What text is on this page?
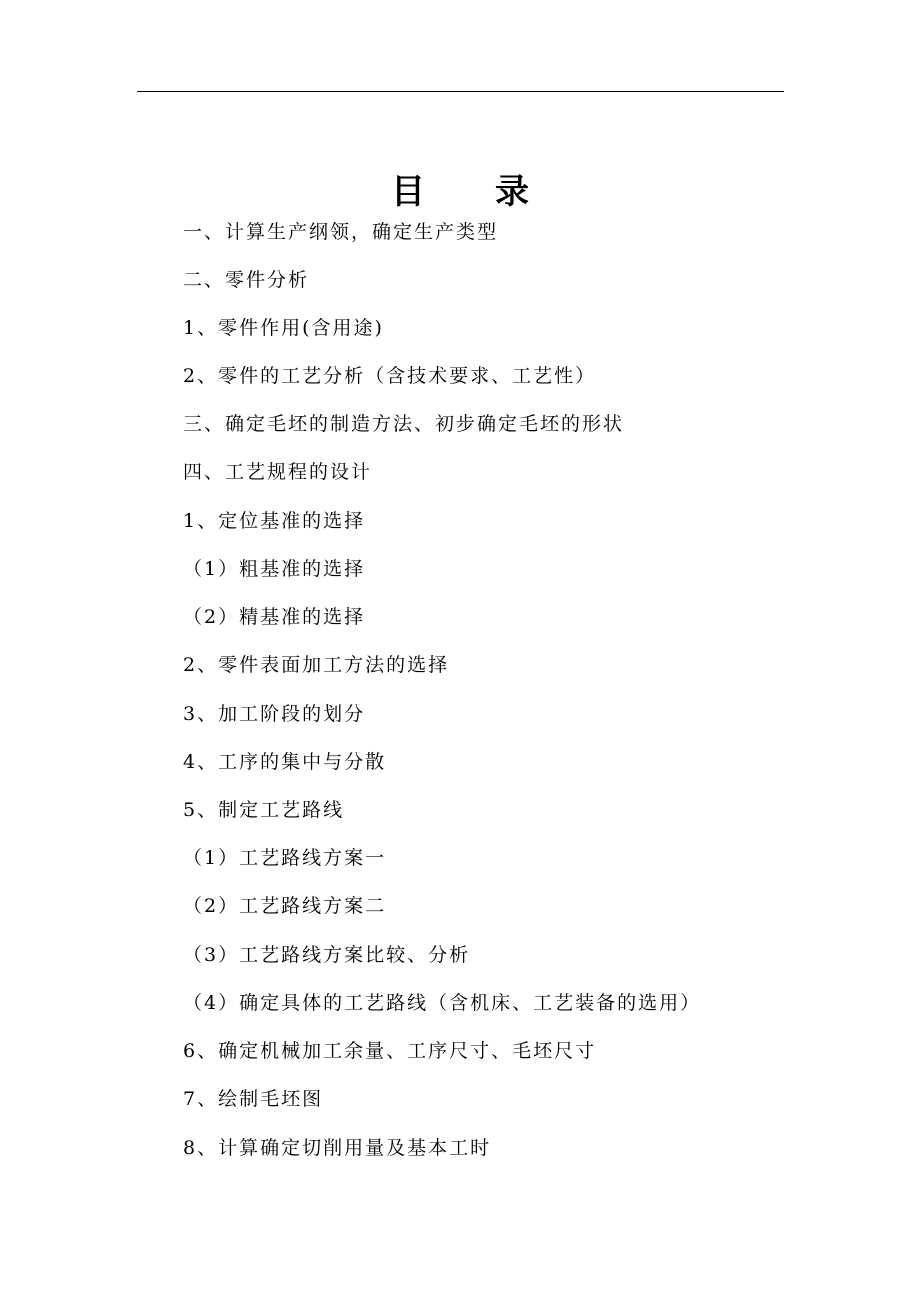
目 录
一、计算生产纲领，确定生产类型
二、零件分析
1、零件作用(含用途)
2、零件的工艺分析（含技术要求、工艺性）
三、确定毛坯的制造方法、初步确定毛坯的形状
四、工艺规程的设计
1、定位基准的选择
（1）粗基准的选择
（2）精基准的选择
2、零件表面加工方法的选择
3、加工阶段的划分
4、工序的集中与分散
5、制定工艺路线
（1）工艺路线方案一
（2）工艺路线方案二
（3）工艺路线方案比较、分析
（4）确定具体的工艺路线（含机床、工艺装备的选用）
6、确定机械加工余量、工序尺寸、毛坯尺寸
7、绘制毛坯图
8、计算确定切削用量及基本工时
